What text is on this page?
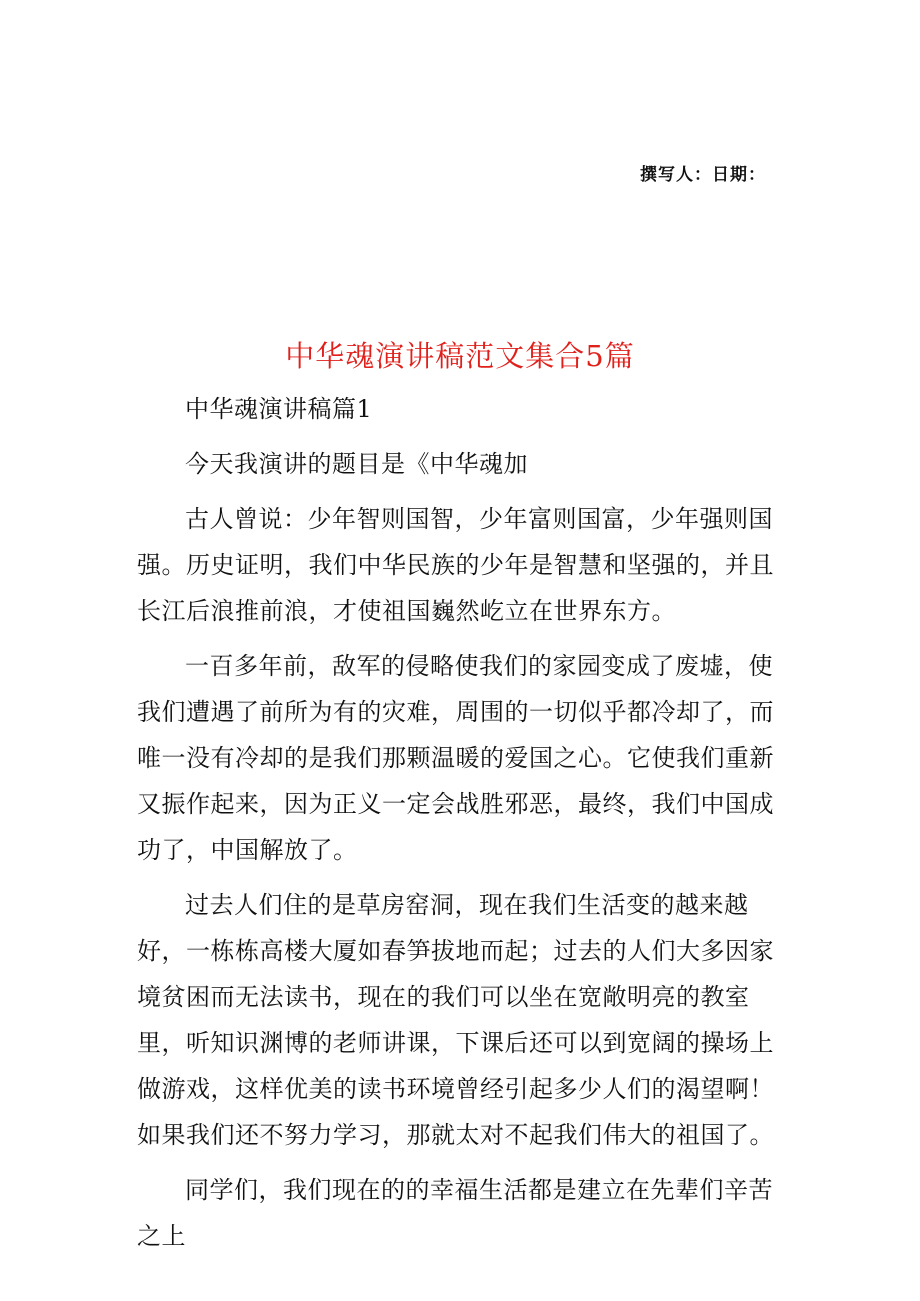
撰写人：日期：
中华魂演讲稿范文集合5篇

中华魂演讲稿篇1

今天我演讲的题目是《中华魂加

古人曾说：少年智则国智，少年富则国富，少年强则国强。历史证明，我们中华民族的少年是智慧和坚强的，并且长江后浪推前浪，才使祖国巍然屹立在世界东方。

一百多年前，敌军的侵略使我们的家园变成了废墟，使我们遭遇了前所为有的灾难，周围的一切似乎都冷却了，而唯一没有冷却的是我们那颗温暖的爱国之心。它使我们重新又振作起来，因为正义一定会战胜邪恶，最终，我们中国成功了，中国解放了。

过去人们住的是草房窑洞，现在我们生活变的越来越好，一栋栋高楼大厦如春笋拔地而起；过去的人们大多因家境贫困而无法读书，现在的我们可以坐在宽敞明亮的教室里，听知识渊博的老师讲课，下课后还可以到宽阔的操场上做游戏，这样优美的读书环境曾经引起多少人们的渴望啊！如果我们还不努力学习，那就太对不起我们伟大的祖国了。

同学们，我们现在的的幸福生活都是建立在先辈们辛苦之上
